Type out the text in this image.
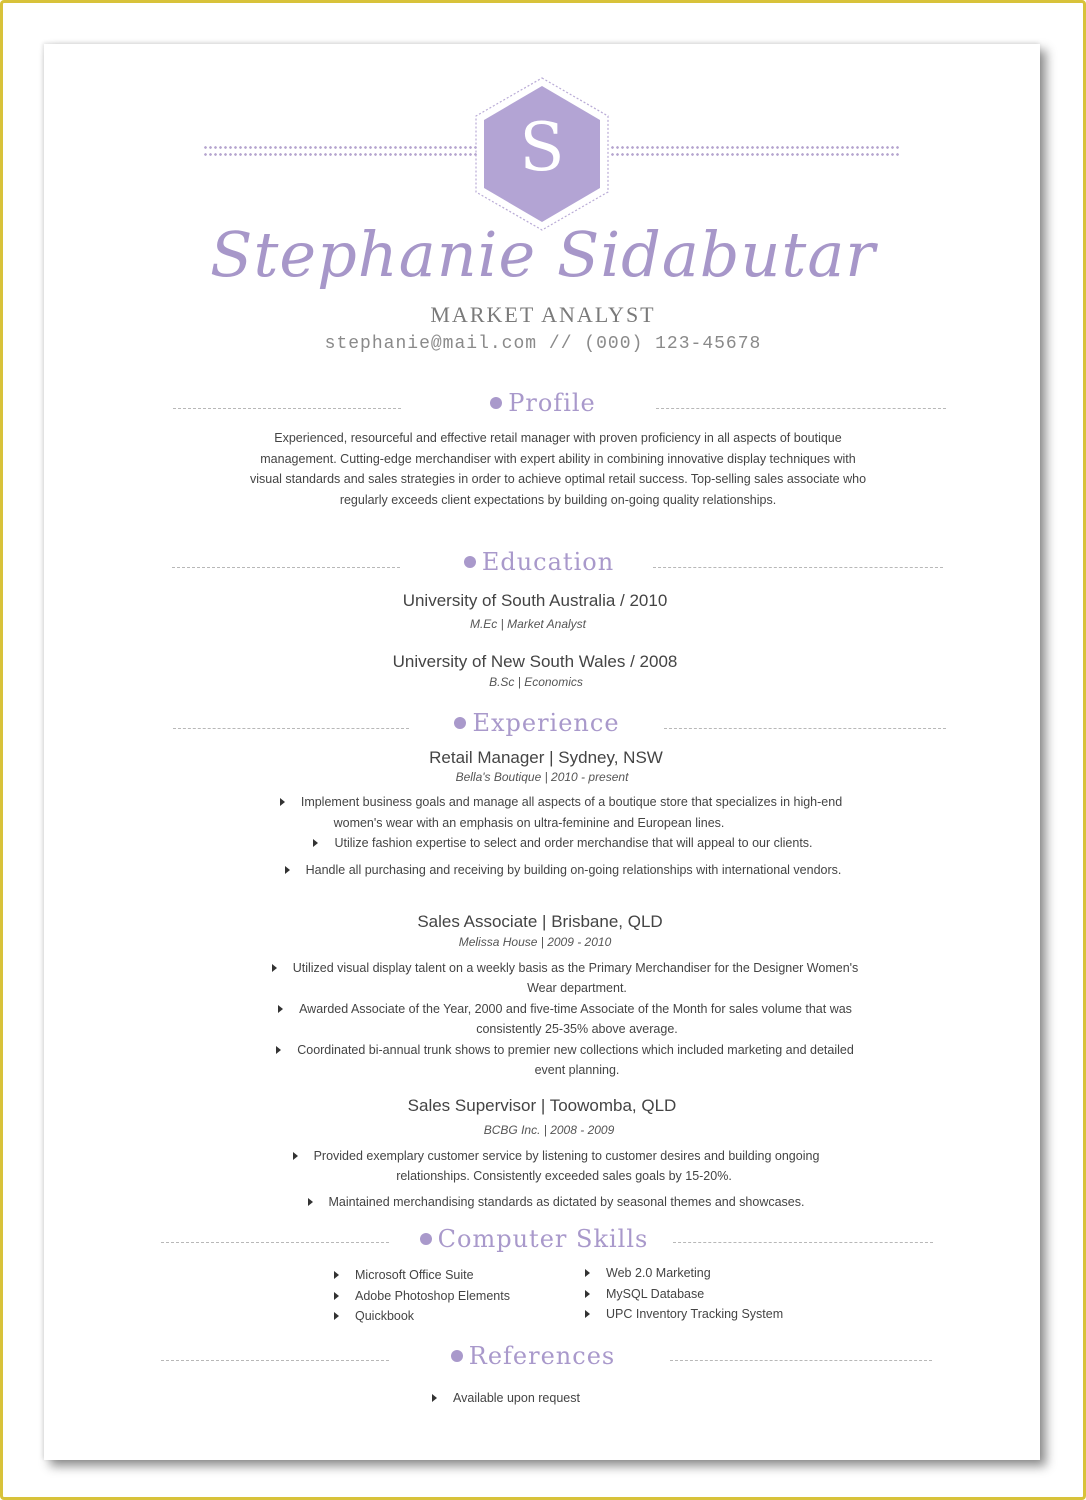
S
Stephanie Sidabutar
MARKET ANALYST
stephanie@mail.com // (000) 123-45678
Profile
Experienced, resourceful and effective retail manager with proven proficiency in all aspects of boutique
management. Cutting-edge merchandiser with expert ability in combining innovative display techniques with
visual standards and sales strategies in order to achieve optimal retail success. Top-selling sales associate who
regularly exceeds client expectations by building on-going quality relationships.
Education
University of South Australia / 2010
M.Ec | Market Analyst
University of New South Wales / 2008
B.Sc | Economics
Experience
Retail Manager | Sydney, NSW
Bella's Boutique | 2010 - present
Implement business goals and manage all aspects of a boutique store that specializes in high-end
women's wear with an emphasis on ultra-feminine and European lines.
Utilize fashion expertise to select and order merchandise that will appeal to our clients.
Handle all purchasing and receiving by building on-going relationships with international vendors.
Sales Associate | Brisbane, QLD
Melissa House | 2009 - 2010
Utilized visual display talent on a weekly basis as the Primary Merchandiser for the Designer Women's
Wear department.
Awarded Associate of the Year, 2000 and five-time Associate of the Month for sales volume that was
consistently 25-35% above average.
Coordinated bi-annual trunk shows to premier new collections which included marketing and detailed
event planning.
Sales Supervisor | Toowomba, QLD
BCBG Inc. | 2008 - 2009
Provided exemplary customer service by listening to customer desires and building ongoing
relationships. Consistently exceeded sales goals by 15-20%.
Maintained merchandising standards as dictated by seasonal themes and showcases.
Computer Skills
Microsoft Office Suite
Adobe Photoshop Elements
Quickbook
Web 2.0 Marketing
MySQL Database
UPC Inventory Tracking System
References
Available upon request
